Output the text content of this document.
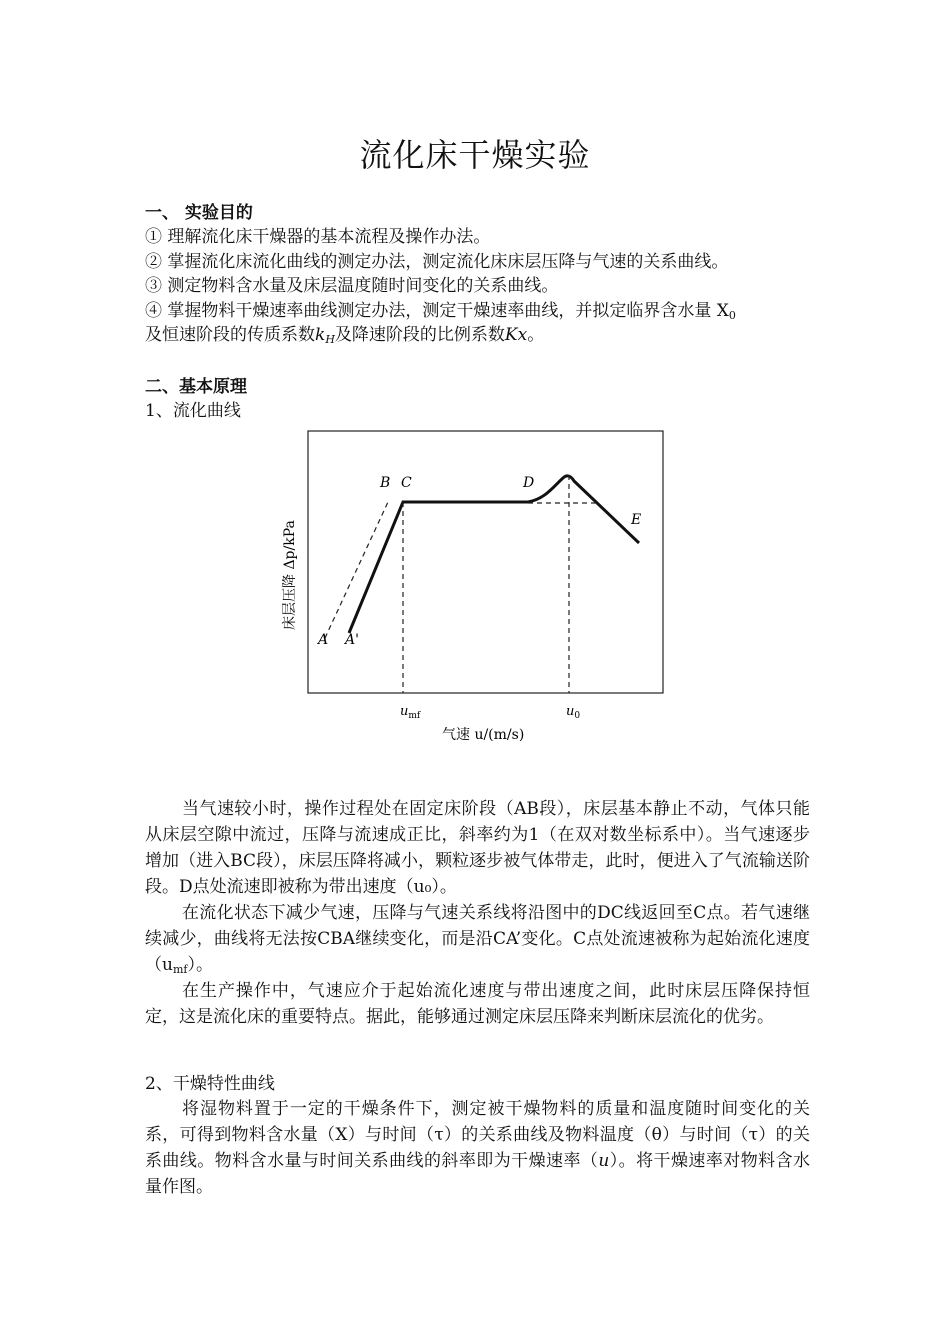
流化床干燥实验
一、 实验目的
① 理解流化床干燥器的基本流程及操作办法。
② 掌握流化床流化曲线的测定办法，测定流化床床层压降与气速的关系曲线。
③ 测定物料含水量及床层温度随时间变化的关系曲线。
④ 掌握物料干燥速率曲线测定办法，测定干燥速率曲线，并拟定临界含水量 $X_0$
及恒速阶段的传质系数$k_H$及降速阶段的比例系数Kx。
二、基本原理
1、流化曲线
A A'
B C	D
E
$u_{mf}$	$u_0$
气速 u/(m/s)
床层压降 Δp/kPa
当气速较小时，操作过程处在固定床阶段（AB段），床层基本静止不动，气体只能从床层空隙中流过，压降与流速成正比，斜率约为1（在双对数坐标系中）。当气速逐步增加（进入BC段），床层压降将减小，颗粒逐步被气体带走，此时，便进入了气流输送阶段。D点处流速即被称为带出速度（u₀）。
在流化状态下减少气速，压降与气速关系线将沿图中的DC线返回至C点。若气速继续减少，曲线将无法按CBA继续变化，而是沿CA’变化。C点处流速被称为起始流化速度$(u_{mf})$。
在生产操作中，气速应介于起始流化速度与带出速度之间，此时床层压降保持恒定，这是流化床的重要特点。据此，能够通过测定床层压降来判断床层流化的优劣。
2、干燥特性曲线
将湿物料置于一定的干燥条件下，测定被干燥物料的质量和温度随时间变化的关系，可得到物料含水量（X）与时间（τ）的关系曲线及物料温度（θ）与时间（τ）的关系曲线。物料含水量与时间关系曲线的斜率即为干燥速率（u）。将干燥速率对物料含水量作图。
